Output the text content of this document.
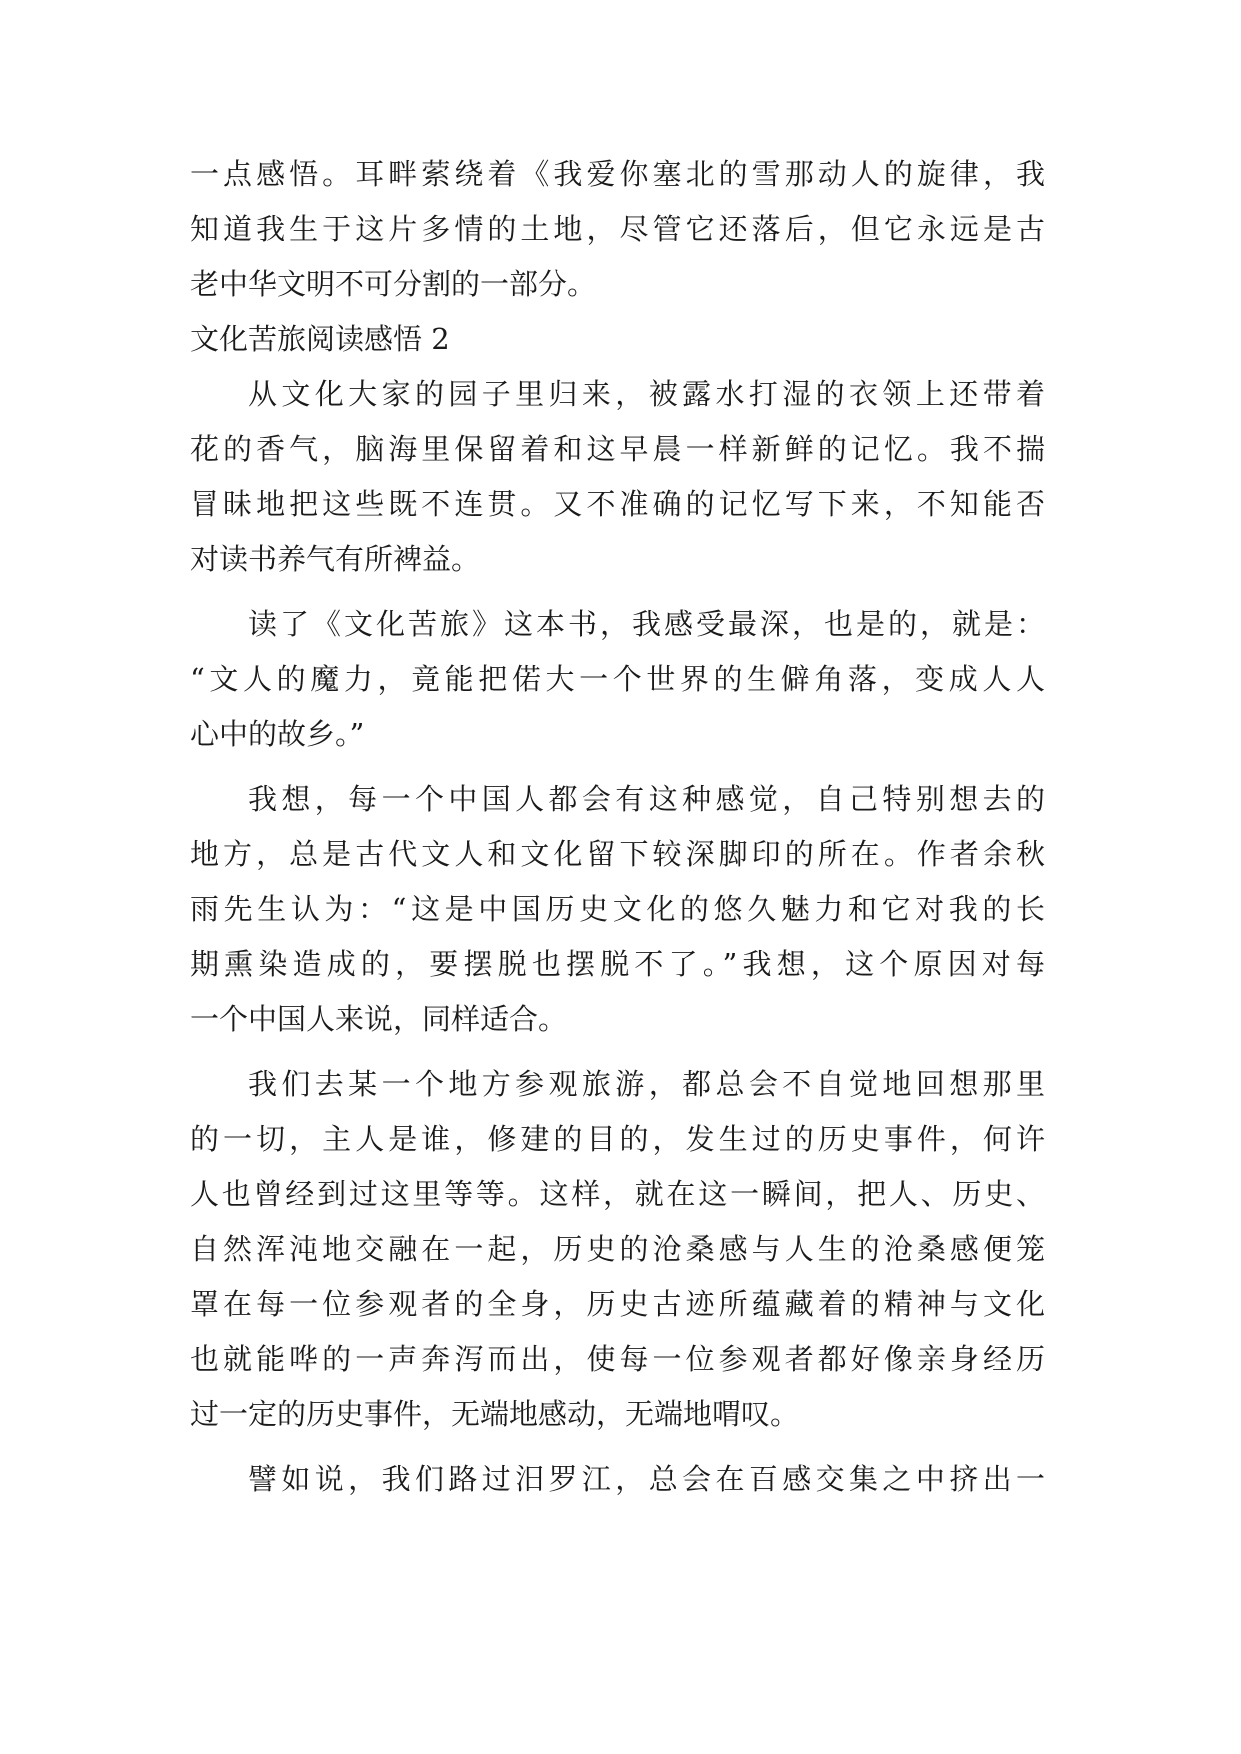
一点感悟。耳畔萦绕着《我爱你塞北的雪那动人的旋律，我
知道我生于这片多情的土地，尽管它还落后，但它永远是古
老中华文明不可分割的一部分。
文化苦旅阅读感悟 2
从文化大家的园子里归来，被露水打湿的衣领上还带着
花的香气，脑海里保留着和这早晨一样新鲜的记忆。我不揣
冒昧地把这些既不连贯。又不准确的记忆写下来，不知能否
对读书养气有所裨益。
读了《文化苦旅》这本书，我感受最深，也是的，就是：
“文人的魔力，竟能把偌大一个世界的生僻角落，变成人人
心中的故乡。”
我想，每一个中国人都会有这种感觉，自己特别想去的
地方，总是古代文人和文化留下较深脚印的所在。作者余秋
雨先生认为：“这是中国历史文化的悠久魅力和它对我的长
期熏染造成的，要摆脱也摆脱不了。”我想，这个原因对每
一个中国人来说，同样适合。
我们去某一个地方参观旅游，都总会不自觉地回想那里
的一切，主人是谁，修建的目的，发生过的历史事件，何许
人也曾经到过这里等等。这样，就在这一瞬间，把人、历史、
自然浑沌地交融在一起，历史的沧桑感与人生的沧桑感便笼
罩在每一位参观者的全身，历史古迹所蕴藏着的精神与文化
也就能哗的一声奔泻而出，使每一位参观者都好像亲身经历
过一定的历史事件，无端地感动，无端地喟叹。
譬如说，我们路过汨罗江，总会在百感交集之中挤出一
